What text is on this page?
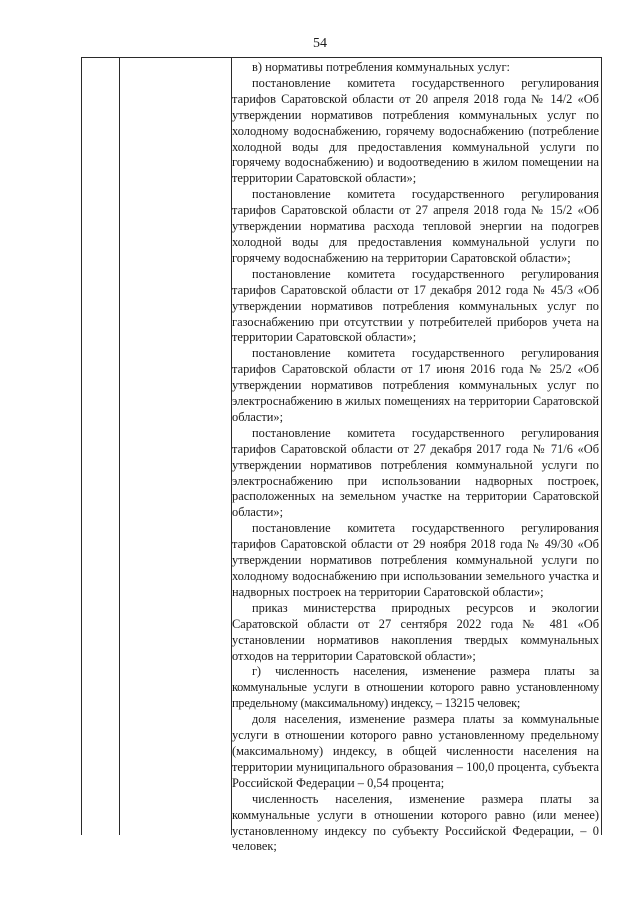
54

в) нормативы потребления коммунальных услуг:

постановление комитета государственного регулирования тарифов Саратовской области от 20 апреля 2018 года № 14/2 «Об утверждении нормативов потребления коммунальных услуг по холодному водоснабжению, горячему водоснабжению (потребление холодной воды для предоставления коммунальной услуги по горячему водоснабжению) и водоотведению в жилом помещении на территории Саратовской области»;

постановление комитета государственного регулирования тарифов Саратовской области от 27 апреля 2018 года № 15/2 «Об утверждении норматива расхода тепловой энергии на подогрев холодной воды для предоставления коммунальной услуги по горячему водоснабжению на территории Саратовской области»;

постановление комитета государственного регулирования тарифов Саратовской области от 17 декабря 2012 года № 45/3 «Об утверждении нормативов потребления коммунальных услуг по газоснабжению при отсутствии у потребителей приборов учета на территории Саратовской области»;

постановление комитета государственного регулирования тарифов Саратовской области от 17 июня 2016 года № 25/2 «Об утверждении нормативов потребления коммунальных услуг по электроснабжению в жилых помещениях на территории Саратовской области»;

постановление комитета государственного регулирования тарифов Саратовской области от 27 декабря 2017 года № 71/6 «Об утверждении нормативов потребления коммунальной услуги по электроснабжению при использовании надворных построек, расположенных на земельном участке на территории Саратовской области»;

постановление комитета государственного регулирования тарифов Саратовской области от 29 ноября 2018 года № 49/30 «Об утверждении нормативов потребления коммунальной услуги по холодному водоснабжению при использовании земельного участка и надворных построек на территории Саратовской области»;

приказ министерства природных ресурсов и экологии Саратовской области от 27 сентября 2022 года № 481 «Об установлении нормативов накопления твердых коммунальных отходов на территории Саратовской области»;

г) численность населения, изменение размера платы за коммунальные услуги в отношении которого равно установленному предельному (максимальному) индексу, – 13215 человек;

доля населения, изменение размера платы за коммунальные услуги в отношении которого равно установленному предельному (максимальному) индексу, в общей численности населения на территории муниципального образования – 100,0 процента, субъекта Российской Федерации – 0,54 процента;

численность населения, изменение размера платы за коммунальные услуги в отношении которого равно (или менее) установленному индексу по субъекту Российской Федерации, – 0 человек;
